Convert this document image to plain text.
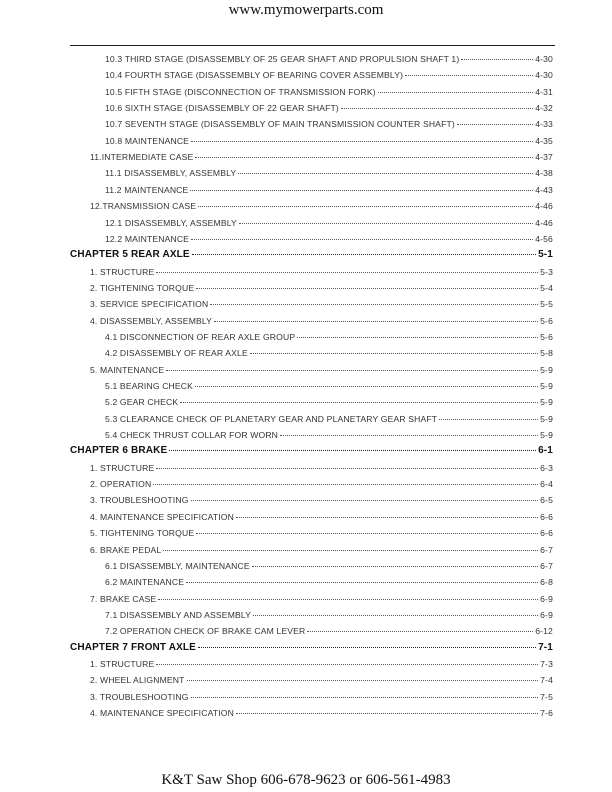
www.mymowerparts.com
10.3 THIRD STAGE (DISASSEMBLY OF 25 GEAR SHAFT AND PROPULSION SHAFT 1)	4-30
10.4 FOURTH STAGE (DISASSEMBLY OF BEARING COVER ASSEMBLY)	4-30
10.5 FIFTH STAGE (DISCONNECTION OF TRANSMISSION FORK)	4-31
10.6 SIXTH STAGE (DISASSEMBLY OF 22 GEAR SHAFT)	4-32
10.7 SEVENTH STAGE (DISASSEMBLY OF MAIN TRANSMISSION COUNTER SHAFT)	4-33
10.8 MAINTENANCE	4-35
11.INTERMEDIATE CASE	4-37
11.1 DISASSEMBLY, ASSEMBLY	4-38
11.2 MAINTENANCE	4-43
12.TRANSMISSION CASE	4-46
12.1 DISASSEMBLY, ASSEMBLY	4-46
12.2 MAINTENANCE	4-56
CHAPTER 5 REAR AXLE	5-1
1. STRUCTURE	5-3
2. TIGHTENING TORQUE	5-4
3. SERVICE SPECIFICATION	5-5
4. DISASSEMBLY, ASSEMBLY	5-6
4.1 DISCONNECTION OF REAR AXLE GROUP	5-6
4.2 DISASSEMBLY OF REAR AXLE	5-8
5. MAINTENANCE	5-9
5.1 BEARING CHECK	5-9
5.2 GEAR CHECK	5-9
5.3 CLEARANCE CHECK OF PLANETARY GEAR AND PLANETARY GEAR SHAFT	5-9
5.4 CHECK THRUST COLLAR FOR WORN	5-9
CHAPTER 6 BRAKE	6-1
1. STRUCTURE	6-3
2. OPERATION	6-4
3. TROUBLESHOOTING	6-5
4. MAINTENANCE SPECIFICATION	6-6
5. TIGHTENING TORQUE	6-6
6. BRAKE PEDAL	6-7
6.1 DISASSEMBLY, MAINTENANCE	6-7
6.2 MAINTENANCE	6-8
7. BRAKE CASE	6-9
7.1 DISASSEMBLY AND ASSEMBLY	6-9
7.2 OPERATION CHECK OF BRAKE CAM LEVER	6-12
CHAPTER 7 FRONT AXLE	7-1
1. STRUCTURE	7-3
2. WHEEL ALIGNMENT	7-4
3. TROUBLESHOOTING	7-5
4. MAINTENANCE SPECIFICATION	7-6
K&T Saw Shop 606-678-9623 or 606-561-4983
